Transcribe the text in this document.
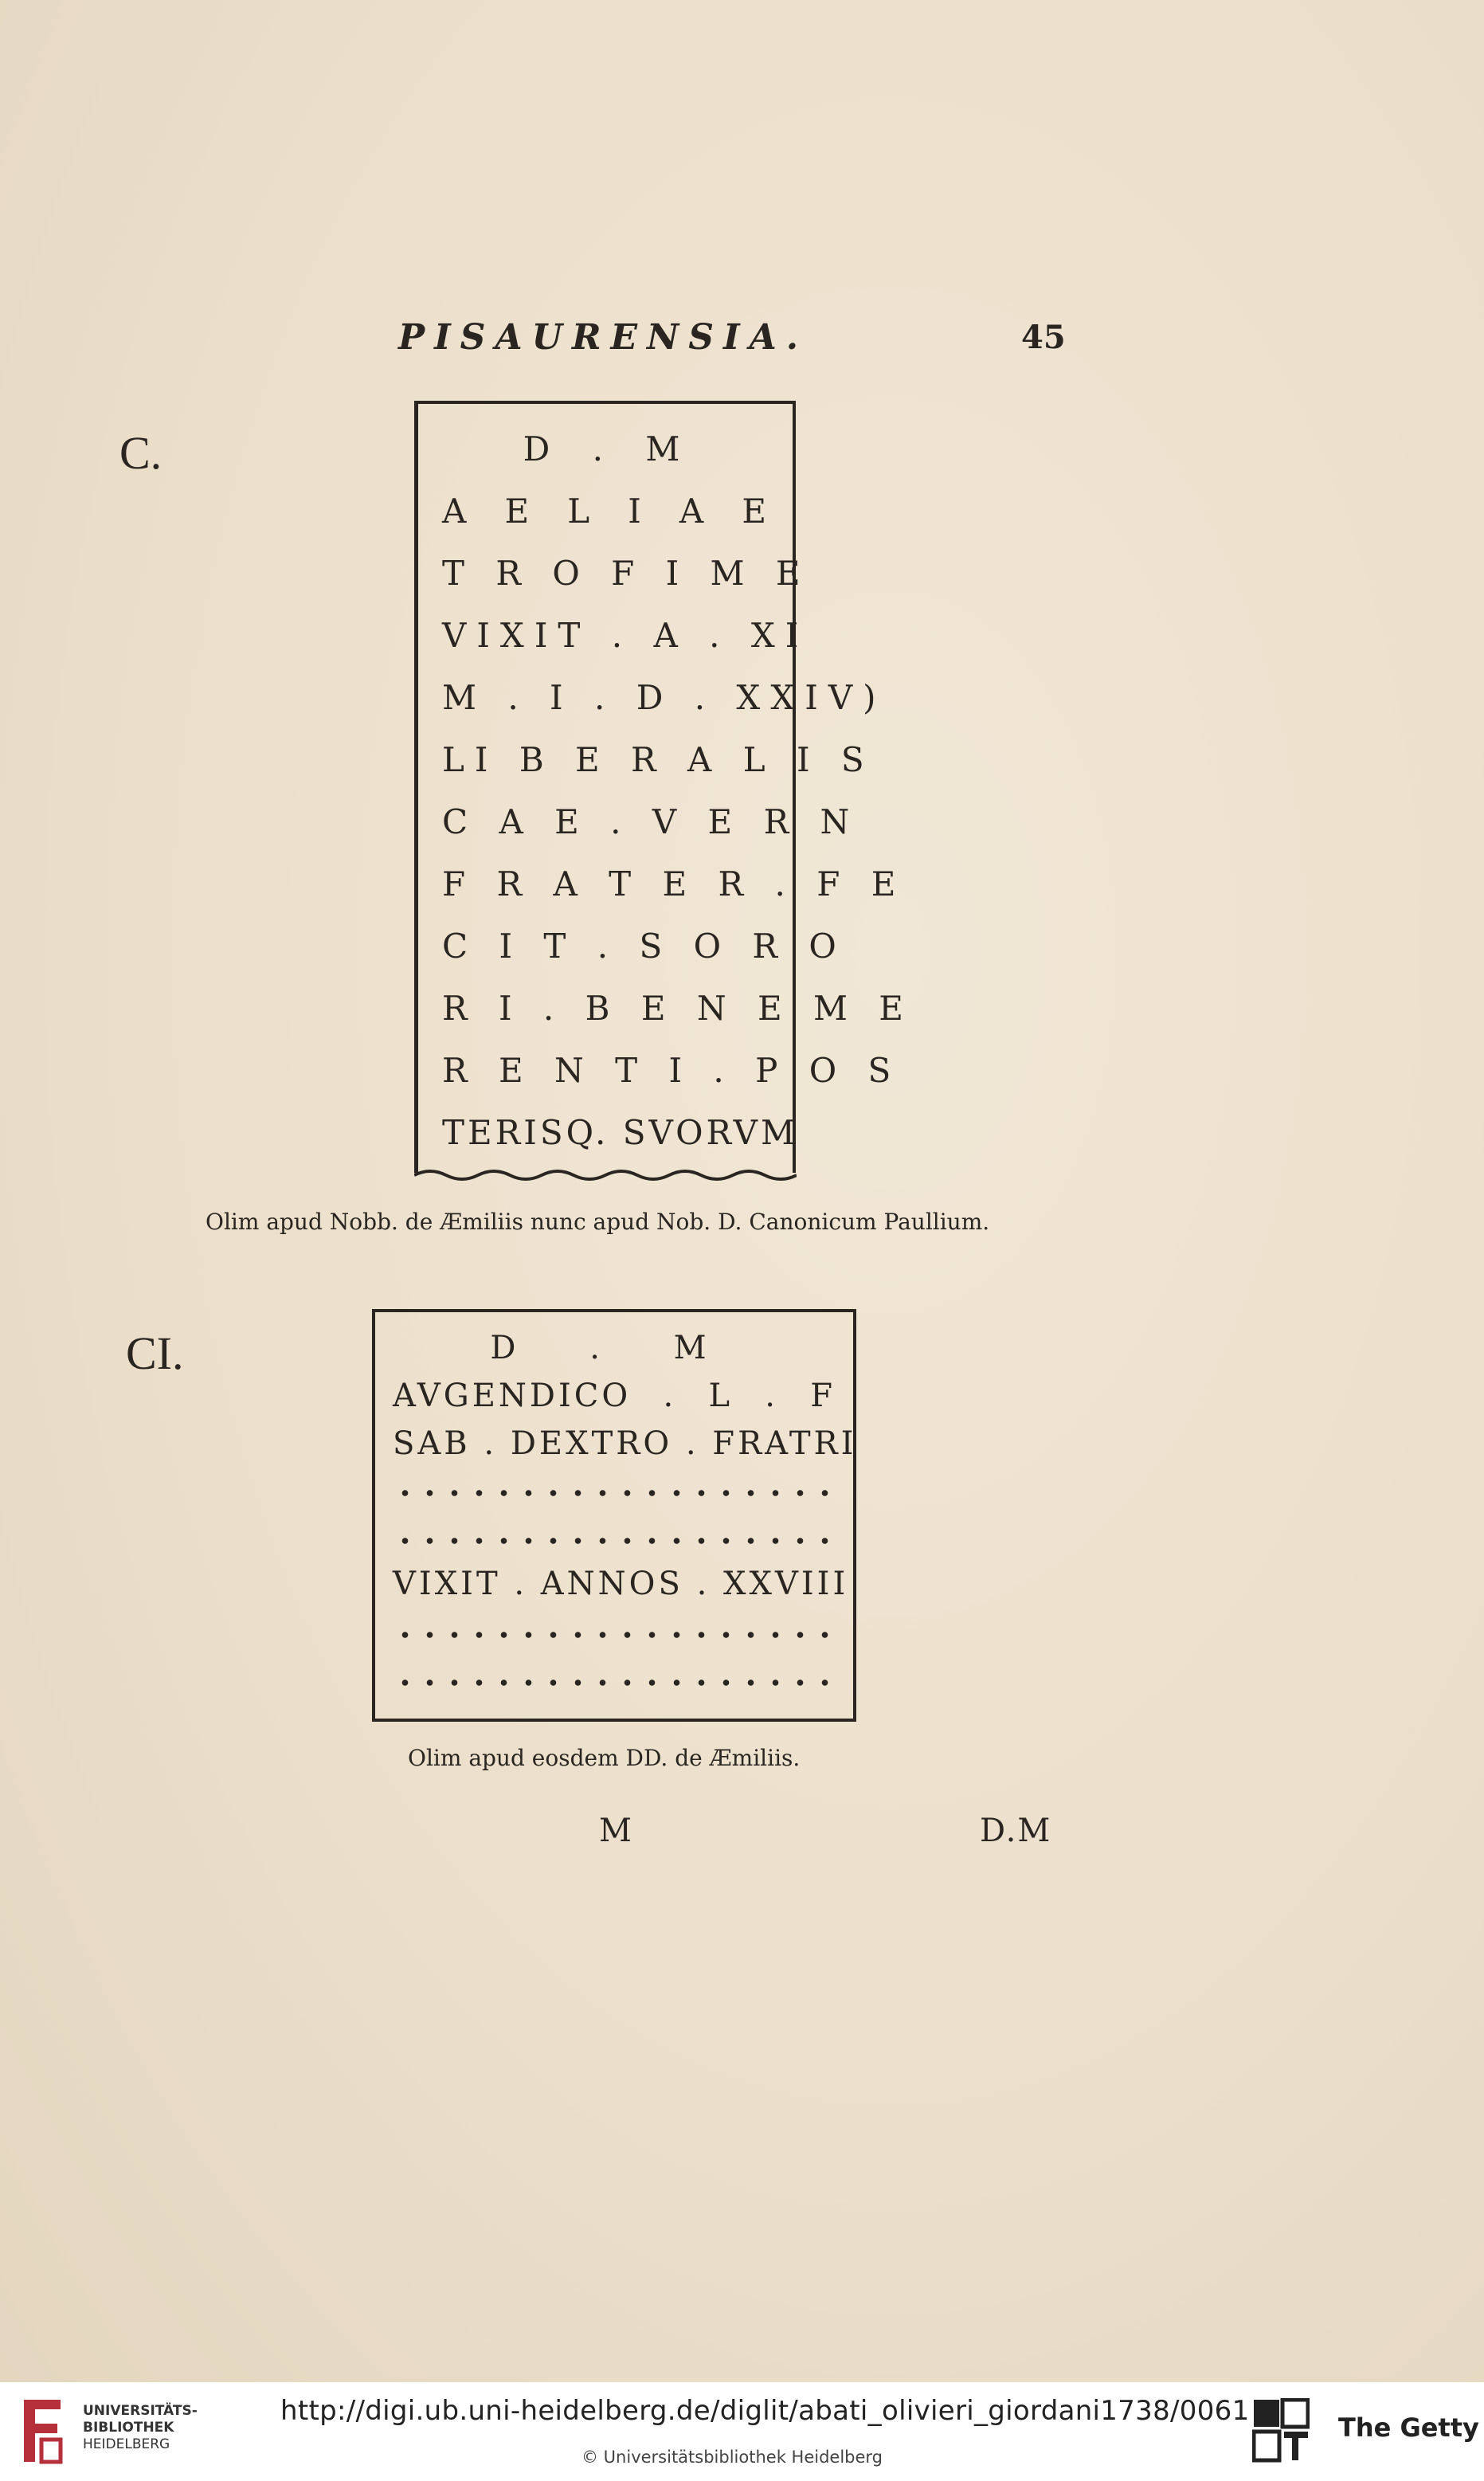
PISAURENSIA.	45
C.	D . M
A E L I A E
T R O F I M E
VIXIT . A . XI
M . I . D . XXIV)
LI B E R A L I S
C A E . V E R N
F R A T E R . F E
C I T . S O R O
R I . B E N E M E
R E N T I . P O S
TERISQ. SVORVM
Olim apud Nobb. de Æmiliis nunc apud Nob. D. Canonicum Paullium.
CI.	D . M
AVGENDICO . L . F
SAB . DEXTRO . FRATRI
VIXIT . ANNOS . XXVIII
Olim apud eosdem DD. de Æmiliis.
M	D.M
UNIVERSITÄTS-
BIBLIOTHEK
HEIDELBERG
http://digi.ub.uni-heidelberg.de/diglit/abati_olivieri_giordani1738/0061
© Universitätsbibliothek Heidelberg
The Getty
